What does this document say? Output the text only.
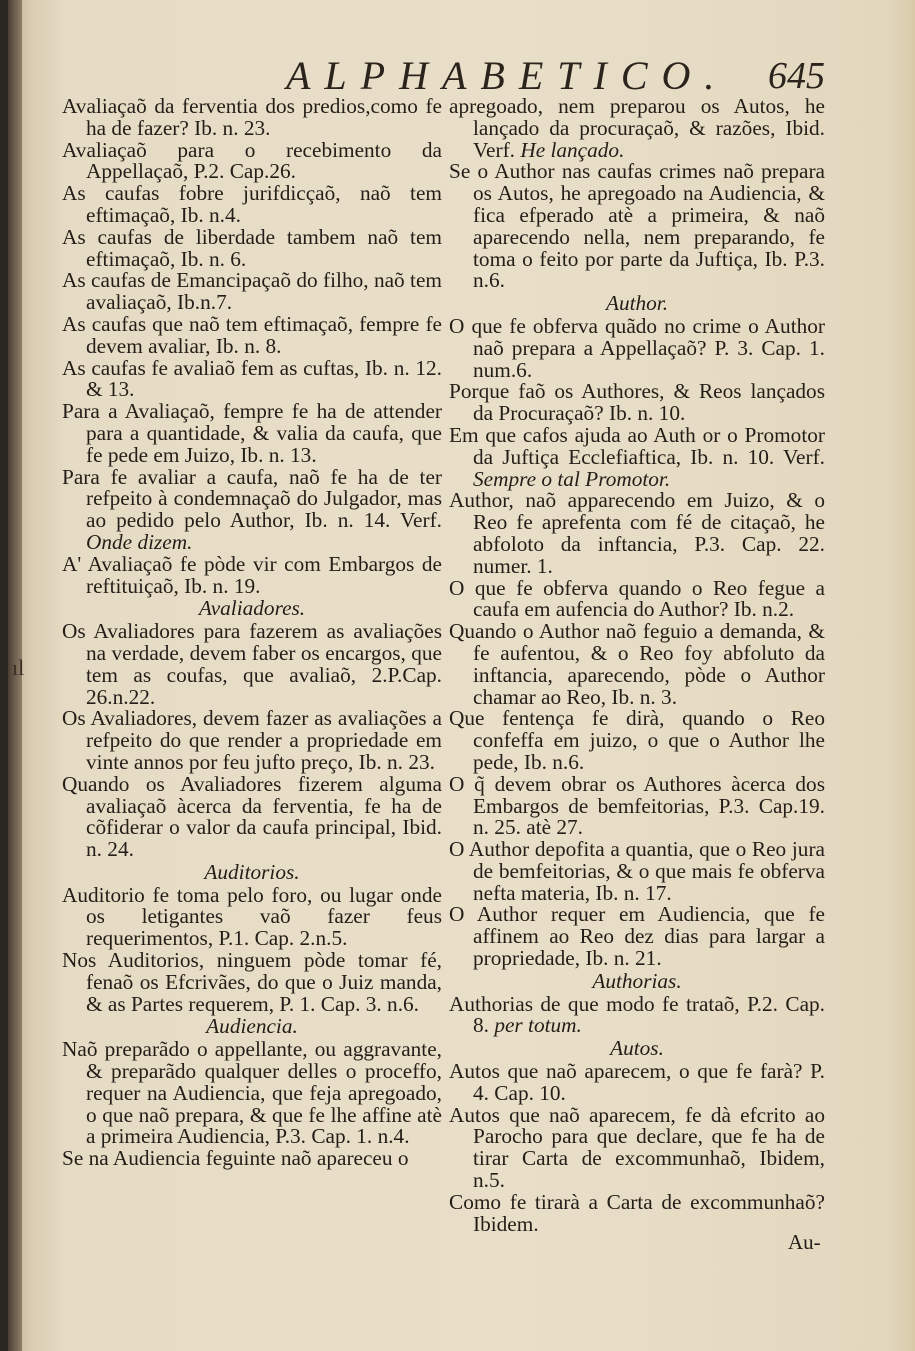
ALPHABETICO. 645
ıl
Avaliaçaõ da ferventia dos predios,como fe ha de fazer? Ib. n. 23.
Avaliaçaõ para o recebimento da Appellaçaõ, P.2. Cap.26.
As caufas fobre jurifdicçaõ, naõ tem eftimaçaõ, Ib. n.4.
As caufas de liberdade tambem naõ tem eftimaçaõ, Ib. n. 6.
As caufas de Emancipaçaõ do filho, naõ tem avaliaçaõ, Ib.n.7.
As caufas que naõ tem eftimaçaõ, fempre fe devem avaliar, Ib. n. 8.
As caufas fe avaliaõ fem as cuftas, Ib. n. 12. & 13.
Para a Avaliaçaõ, fempre fe ha de attender para a quantidade, & valia da caufa, que fe pede em Juizo, Ib. n. 13.
Para fe avaliar a caufa, naõ fe ha de ter refpeito à condemnaçaõ do Julgador, mas ao pedido pelo Author, Ib. n. 14. Verf. Onde dizem.
A' Avaliaçaõ fe pòde vir com Embargos de reftituiçaõ, Ib. n. 19.
Avaliadores.
Os Avaliadores para fazerem as avaliações na verdade, devem faber os encargos, que tem as coufas, que avaliaõ, 2.P.Cap. 26.n.22.
Os Avaliadores, devem fazer as avaliações a refpeito do que render a propriedade em vinte annos por feu jufto preço, Ib. n. 23.
Quando os Avaliadores fizerem alguma avaliaçaõ àcerca da ferventia, fe ha de cõfiderar o valor da caufa principal, Ibid. n. 24.
Auditorios.
Auditorio fe toma pelo foro, ou lugar onde os letigantes vaõ fazer feus requerimentos, P.1. Cap. 2.n.5.
Nos Auditorios, ninguem pòde tomar fé, fenaõ os Efcrivães, do que o Juiz manda, & as Partes requerem, P. 1. Cap. 3. n.6.
Audiencia.
Naõ preparãdo o appellante, ou aggravante, & preparãdo qualquer delles o proceffo, requer na Audiencia, que feja apregoado, o que naõ prepara, & que fe lhe affine atè a primeira Audiencia, P.3. Cap. 1. n.4.
Se na Audiencia feguinte naõ apareceu o
apregoado, nem preparou os Autos, he lançado da procuraçaõ, & razões, Ibid. Verf. He lançado.
Se o Author nas caufas crimes naõ prepara os Autos, he apregoado na Audiencia, & fica efperado atè a primeira, & naõ aparecendo nella, nem preparando, fe toma o feito por parte da Juftiça, Ib. P.3. n.6.
Author.
O que fe obferva quãdo no crime o Author naõ prepara a Appellaçaõ? P. 3. Cap. 1. num.6.
Porque faõ os Authores, & Reos lançados da Procuraçaõ? Ib. n. 10.
Em que cafos ajuda ao Auth or o Promotor da Juftiça Ecclefiaftica, Ib. n. 10. Verf. Sempre o tal Promotor.
Author, naõ apparecendo em Juizo, & o Reo fe aprefenta com fé de citaçaõ, he abfoloto da inftancia, P.3. Cap. 22. numer. 1.
O que fe obferva quando o Reo fegue a caufa em aufencia do Author? Ib. n.2.
Quando o Author naõ feguio a demanda, & fe aufentou, & o Reo foy abfoluto da inftancia, aparecendo, pòde o Author chamar ao Reo, Ib. n. 3.
Que fentença fe dirà, quando o Reo confeffa em juizo, o que o Author lhe pede, Ib. n.6.
O q̃ devem obrar os Authores àcerca dos Embargos de bemfeitorias, P.3. Cap.19. n. 25. atè 27.
O Author depofita a quantia, que o Reo jura de bemfeitorias, & o que mais fe obferva nefta materia, Ib. n. 17.
O Author requer em Audiencia, que fe affinem ao Reo dez dias para largar a propriedade, Ib. n. 21.
Authorias.
Authorias de que modo fe trataõ, P.2. Cap. 8. per totum.
Autos.
Autos que naõ aparecem, o que fe farà? P. 4. Cap. 10.
Autos que naõ aparecem, fe dà efcrito ao Parocho para que declare, que fe ha de tirar Carta de excommunhaõ, Ibidem, n.5.
Como fe tirarà a Carta de excommunhaõ? Ibidem.
Au-
